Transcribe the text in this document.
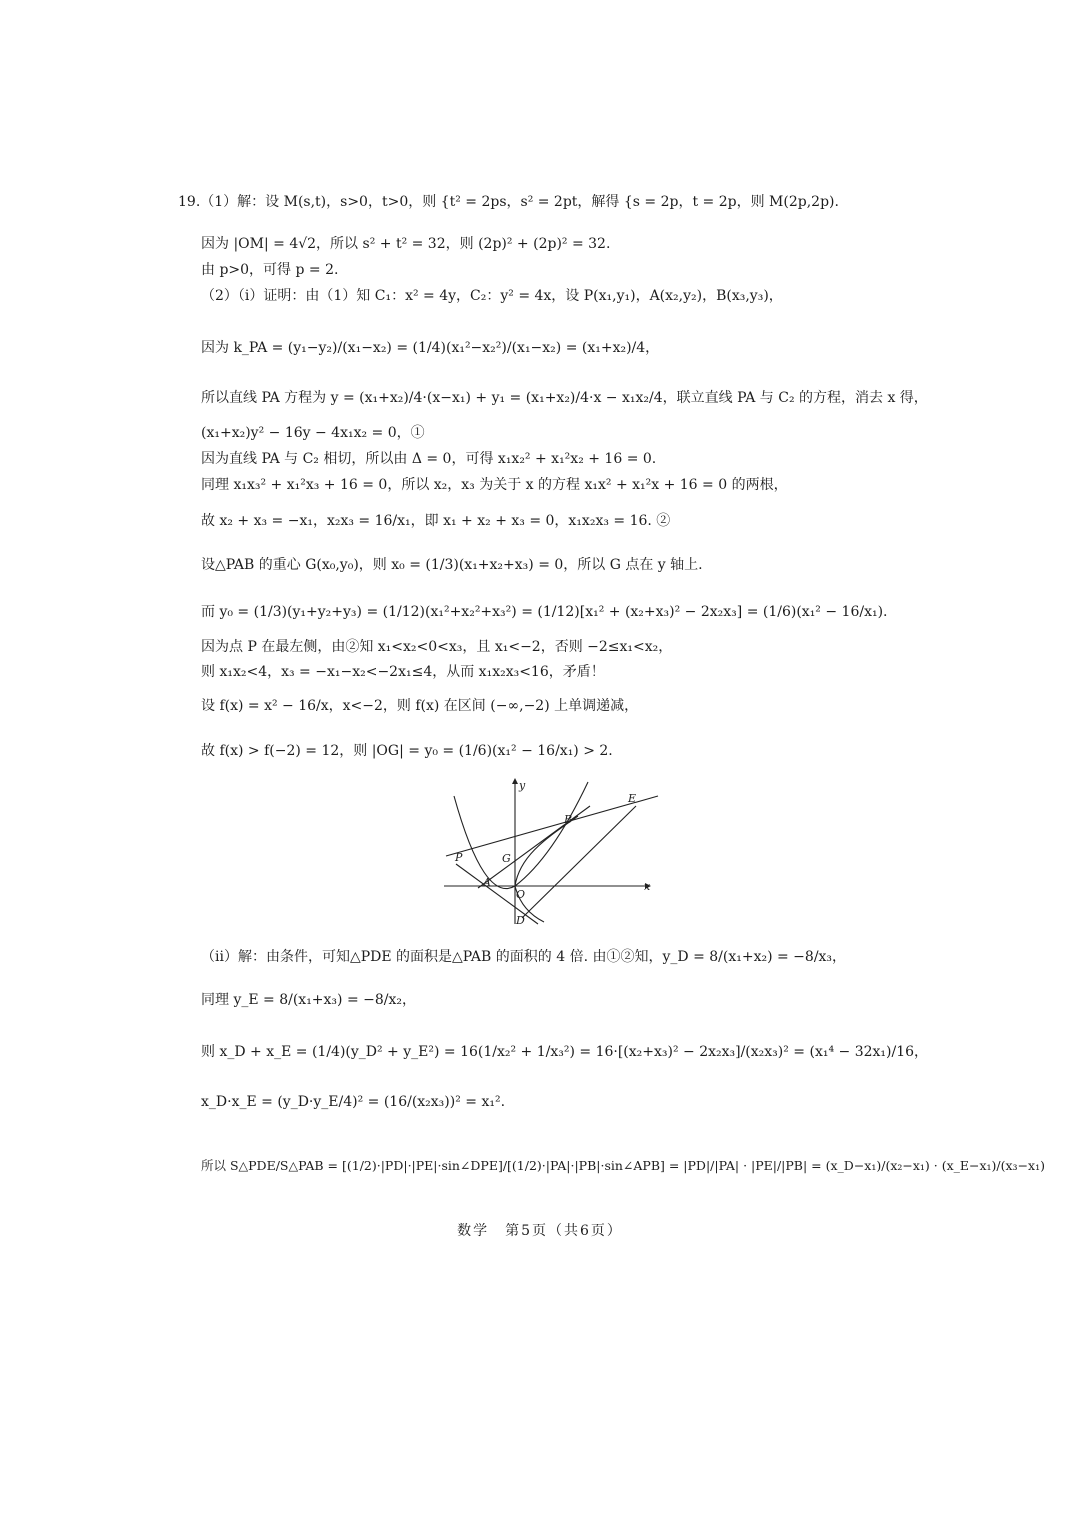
19.（1）解：设 M(s,t)，s>0，t>0，则 {t² = 2ps，s² = 2pt，解得 {s = 2p，t = 2p，则 M(2p,2p).
因为 |OM| = 4√2，所以 s² + t² = 32，则 (2p)² + (2p)² = 32.
由 p>0，可得 p = 2.
（2）（i）证明：由（1）知 C₁：x² = 4y，C₂：y² = 4x，设 P(x₁,y₁)，A(x₂,y₂)，B(x₃,y₃)，
因为 k_PA = (y₁−y₂)/(x₁−x₂) = (1/4)(x₁²−x₂²)/(x₁−x₂) = (x₁+x₂)/4，
所以直线 PA 方程为 y = (x₁+x₂)/4·(x−x₁) + y₁ = (x₁+x₂)/4·x − x₁x₂/4，联立直线 PA 与 C₂ 的方程，消去 x 得，
(x₁+x₂)y² − 16y − 4x₁x₂ = 0，①
因为直线 PA 与 C₂ 相切，所以由 Δ = 0，可得 x₁x₂² + x₁²x₂ + 16 = 0.
同理 x₁x₃² + x₁²x₃ + 16 = 0，所以 x₂，x₃ 为关于 x 的方程 x₁x² + x₁²x + 16 = 0 的两根，
故 x₂ + x₃ = −x₁，x₂x₃ = 16/x₁，即 x₁ + x₂ + x₃ = 0，x₁x₂x₃ = 16. ②
设△PAB 的重心 G(x₀,y₀)，则 x₀ = (1/3)(x₁+x₂+x₃) = 0，所以 G 点在 y 轴上.
而 y₀ = (1/3)(y₁+y₂+y₃) = (1/12)(x₁²+x₂²+x₃²) = (1/12)[x₁² + (x₂+x₃)² − 2x₂x₃] = (1/6)(x₁² − 16/x₁).
因为点 P 在最左侧，由②知 x₁<x₂<0<x₃，且 x₁<−2，否则 −2≤x₁<x₂，
则 x₁x₂<4，x₃ = −x₁−x₂<−2x₁≤4，从而 x₁x₂x₃<16，矛盾！
设 f(x) = x² − 16/x，x<−2，则 f(x) 在区间 (−∞,−2) 上单调递减，
故 f(x) > f(−2) = 12，则 |OG| = y₀ = (1/6)(x₁² − 16/x₁) > 2.
x
y
O
P
A
B
E
G
D
（ii）解：由条件，可知△PDE 的面积是△PAB 的面积的 4 倍. 由①②知，y_D = 8/(x₁+x₂) = −8/x₃，
同理 y_E = 8/(x₁+x₃) = −8/x₂，
则 x_D + x_E = (1/4)(y_D² + y_E²) = 16(1/x₂² + 1/x₃²) = 16·[(x₂+x₃)² − 2x₂x₃]/(x₂x₃)² = (x₁⁴ − 32x₁)/16，
x_D·x_E = (y_D·y_E/4)² = (16/(x₂x₃))² = x₁².
所以 S△PDE/S△PAB = [(1/2)·|PD|·|PE|·sin∠DPE]/[(1/2)·|PA|·|PB|·sin∠APB] = |PD|/|PA| · |PE|/|PB| = (x_D−x₁)/(x₂−x₁) · (x_E−x₁)/(x₃−x₁)
数学　第5页（共6页）
